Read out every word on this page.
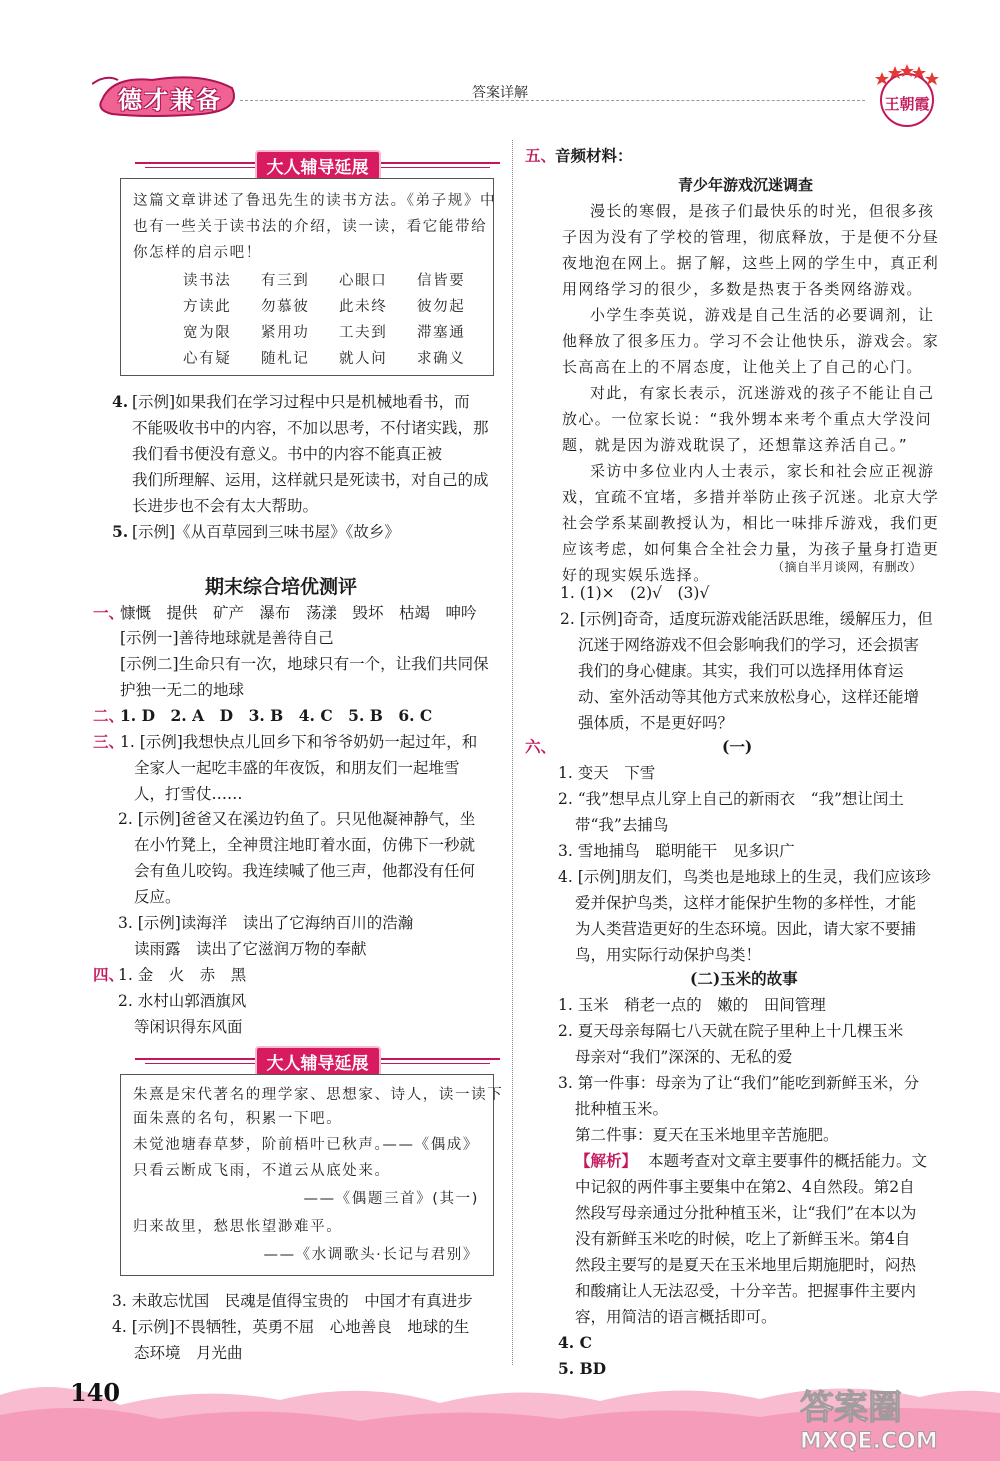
德才兼备	答案详解
王朝霞
大人辅导延展
这篇文章讲述了鲁迅先生的读书方法。《弟子规》中
也有一些关于读书法的介绍，读一读，看它能带给
你怎样的启示吧！
读书法 有三到 心眼口 信皆要
方读此 勿慕彼 此未终 彼勿起
宽为限 紧用功 工夫到 滞塞通
心有疑 随札记 就人问 求确义
4. [示例]如果我们在学习过程中只是机械地看书，而
不能吸收书中的内容，不加以思考，不付诸实践，那
我们看书便没有意义。书中的内容不能真正被
我们所理解、运用，这样就只是死读书，对自己的成
长进步也不会有太大帮助。
5. [示例]《从百草园到三味书屋》《故乡》
期末综合培优测评
一、
慷慨　提供　矿产　瀑布　荡漾　毁坏　枯竭　呻吟
[示例一]善待地球就是善待自己
[示例二]生命只有一次，地球只有一个，让我们共同保
护独一无二的地球
二、
1. D　2. A　D　3. B　4. C　5. B　6. C
三、
1. [示例]我想快点儿回乡下和爷爷奶奶一起过年，和
全家人一起吃丰盛的年夜饭，和朋友们一起堆雪
人，打雪仗……
2. [示例]爸爸又在溪边钓鱼了。只见他凝神静气，坐
在小竹凳上，全神贯注地盯着水面，仿佛下一秒就
会有鱼儿咬钩。我连续喊了他三声，他都没有任何
反应。
3. [示例]读海洋　读出了它海纳百川的浩瀚
读雨露　读出了它滋润万物的奉献
四、
1. 金　火　赤　黑
2. 水村山郭酒旗风
等闲识得东风面
大人辅导延展
朱熹是宋代著名的理学家、思想家、诗人，读一读下
面朱熹的名句，积累一下吧。
未觉池塘春草梦，阶前梧叶已秋声。
——《偶成》
只看云断成飞雨，不道云从底处来。
——《偶题三首》(其一)
归来故里，愁思怅望渺难平。
——《水调歌头·长记与君别》
3. 未敢忘忧国　民魂是值得宝贵的　中国才有真进步
4. [示例]不畏牺牲，英勇不屈　心地善良　地球的生
态环境　月光曲
五、
音频材料：
青少年游戏沉迷调查
漫长的寒假，是孩子们最快乐的时光，但很多孩
子因为没有了学校的管理，彻底释放，于是便不分昼
夜地泡在网上。据了解，这些上网的学生中，真正利
用网络学习的很少，多数是热衷于各类网络游戏。
小学生李英说，游戏是自己生活的必要调剂，让
他释放了很多压力。学习不会让他快乐，游戏会。家
长高高在上的不屑态度，让他关上了自己的心门。
对此，有家长表示，沉迷游戏的孩子不能让自己
放心。一位家长说：“我外甥本来考个重点大学没问
题，就是因为游戏耽误了，还想靠这养活自己。”
采访中多位业内人士表示，家长和社会应正视游
戏，宜疏不宜堵，多措并举防止孩子沉迷。北京大学
社会学系某副教授认为，相比一味排斥游戏，我们更
应该考虑，如何集合全社会力量，为孩子量身打造更
好的现实娱乐选择。	（摘自半月谈网，有删改）
1. (1)×　(2)√　(3)√
2. [示例]奇奇，适度玩游戏能活跃思维，缓解压力，但
沉迷于网络游戏不但会影响我们的学习，还会损害
我们的身心健康。其实，我们可以选择用体育运
动、室外活动等其他方式来放松身心，这样还能增
强体质，不是更好吗？
六、	(一)
1. 变天　下雪
2. “我”想早点儿穿上自己的新雨衣　“我”想让闰土
带“我”去捕鸟
3. 雪地捕鸟　聪明能干　见多识广
4. [示例]朋友们，鸟类也是地球上的生灵，我们应该珍
爱并保护鸟类，这样才能保护生物的多样性，才能
为人类营造更好的生态环境。因此，请大家不要捕
鸟，用实际行动保护鸟类！
(二)玉米的故事
1. 玉米　稍老一点的　嫩的　田间管理
2. 夏天母亲每隔七八天就在院子里种上十几棵玉米
母亲对“我们”深深的、无私的爱
3. 第一件事：母亲为了让“我们”能吃到新鲜玉米，分
批种植玉米。
第二件事：夏天在玉米地里辛苦施肥。
【解析】 本题考查对文章主要事件的概括能力。文
中记叙的两件事主要集中在第2、4自然段。第2自
然段写母亲通过分批种植玉米，让“我们”在本以为
没有新鲜玉米吃的时候，吃上了新鲜玉米。第4自
然段主要写的是夏天在玉米地里后期施肥时，闷热
和酸痛让人无法忍受，十分辛苦。把握事件主要内
容，用简洁的语言概括即可。
4. C
5. BD
140	答案圈
MXQE.COM
